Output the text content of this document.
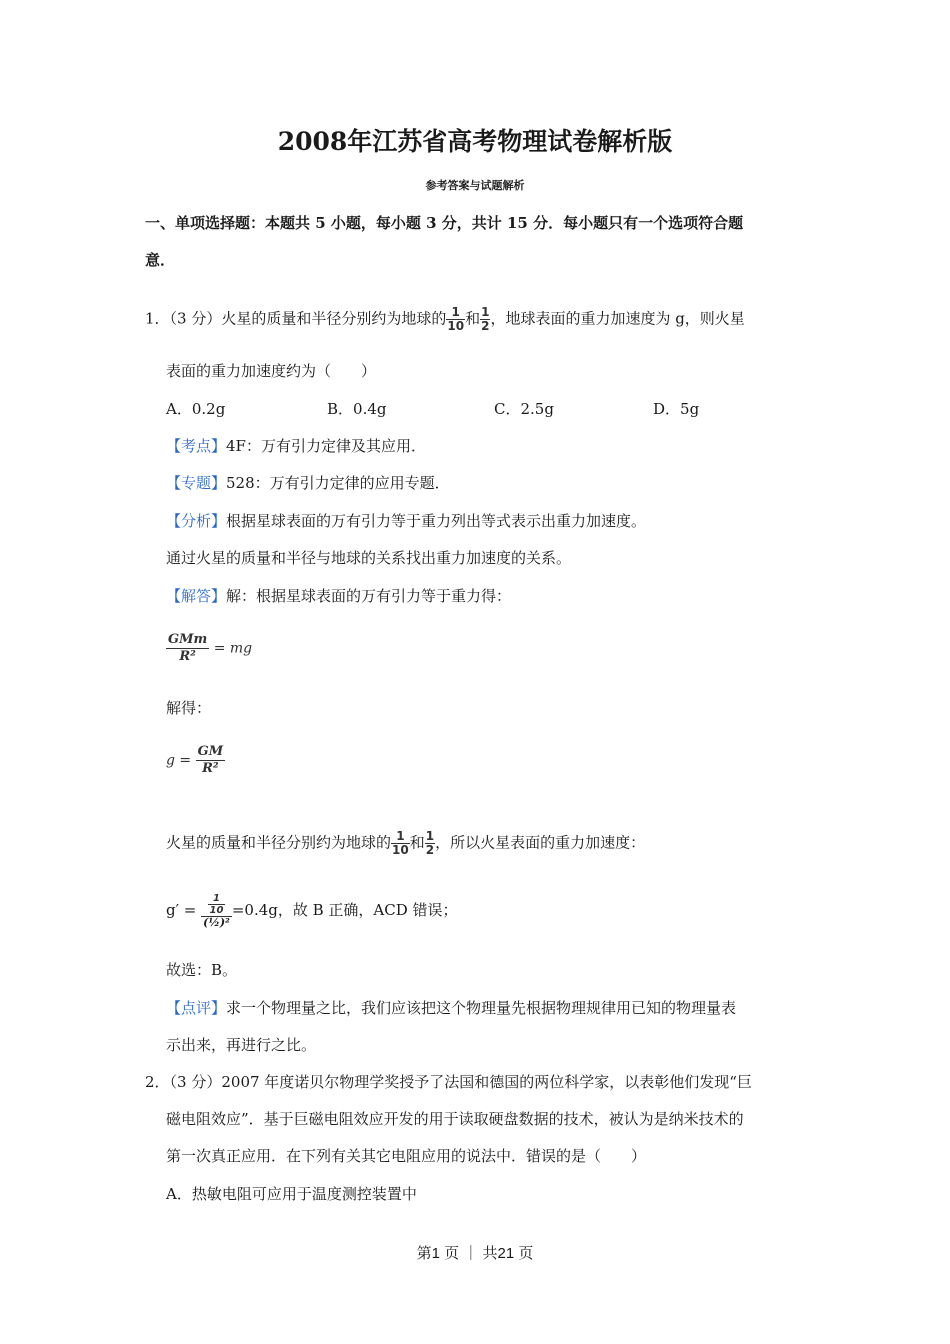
2008年江苏省高考物理试卷解析版
参考答案与试题解析
一、单项选择题：本题共 5 小题，每小题 3 分，共计 15 分．每小题只有一个选项符合题
意．
1．（3 分）火星的质量和半径分别约为地球的 $\frac{1}{10}$ 和 $\frac{1}{2}$ ，地球表面的重力加速度为 g，则火星
表面的重力加速度约为（　　）
A．0.2g	B．0.4g	C．2.5g	D．5g
【考点】4F：万有引力定律及其应用．
【专题】528：万有引力定律的应用专题．
【分析】根据星球表面的万有引力等于重力列出等式表示出重力加速度。
通过火星的质量和半径与地球的关系找出重力加速度的关系。
【解答】解：根据星球表面的万有引力等于重力得：
GMm
R²	= mg
解得：
$g = \frac{GM}{\text{R²}}$
火星的质量和半径分别约为地球的 $\frac{1}{10}$ 和 $\frac{1}{2}$ ，所以火星表面的重力加速度：
$g' = \frac{1}{10}$
(½)²
=0.4g，故 B 正确，ACD 错误；
故选：B。
【点评】求一个物理量之比，我们应该把这个物理量先根据物理规律用已知的物理量表
示出来，再进行之比。
2．（3 分）2007 年度诺贝尔物理学奖授予了法国和德国的两位科学家，以表彰他们发现“巨
磁电阻效应”．基于巨磁电阻效应开发的用于读取硬盘数据的技术，被认为是纳米技术的
第一次真正应用．在下列有关其它电阻应用的说法中．错误的是（　　）
A．热敏电阻可应用于温度测控装置中
第1 页 ｜ 共21 页
